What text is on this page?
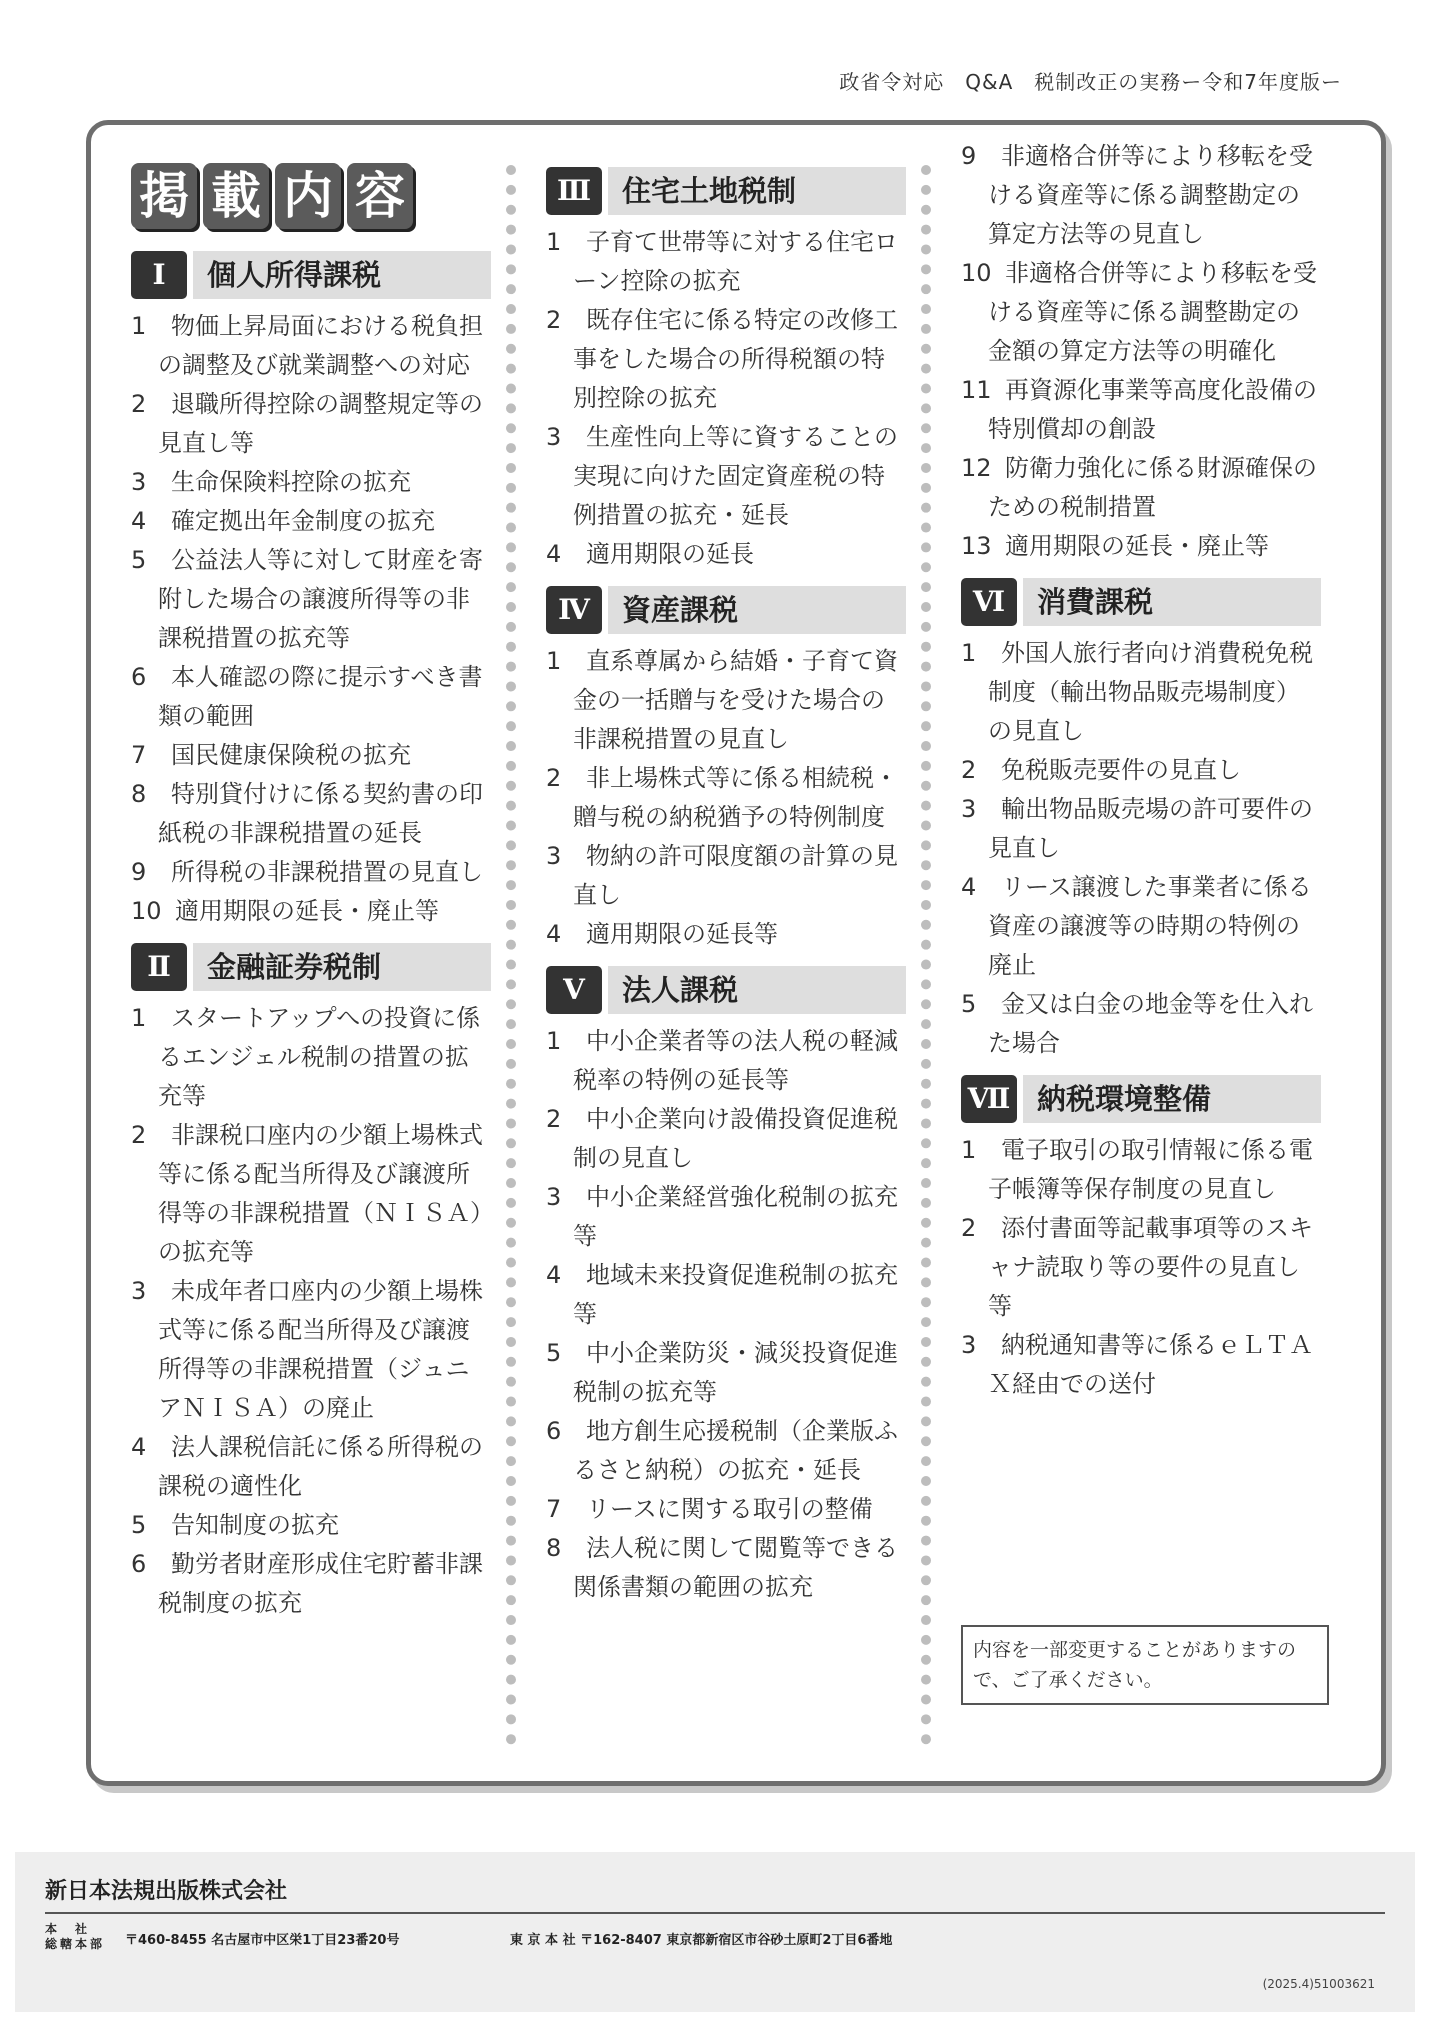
政省令対応　Q&A　税制改正の実務ー令和7年度版ー
掲 載 内 容
Ⅰ	個人所得課税
1 物価上昇局面における税負担の調整及び就業調整への対応
2 退職所得控除の調整規定等の見直し等
3 生命保険料控除の拡充
4 確定拠出年金制度の拡充
5 公益法人等に対して財産を寄附した場合の譲渡所得等の非課税措置の拡充等
6 本人確認の際に提示すべき書類の範囲
7 国民健康保険税の拡充
8 特別貸付けに係る契約書の印紙税の非課税措置の延長
9 所得税の非課税措置の見直し
10 適用期限の延長・廃止等
Ⅱ	金融証券税制
1 スタートアップへの投資に係るエンジェル税制の措置の拡充等
2 非課税口座内の少額上場株式等に係る配当所得及び譲渡所得等の非課税措置（ＮＩＳＡ）の拡充等
3 未成年者口座内の少額上場株式等に係る配当所得及び譲渡所得等の非課税措置（ジュニアＮＩＳＡ）の廃止
4 法人課税信託に係る所得税の課税の適性化
5 告知制度の拡充
6 勤労者財産形成住宅貯蓄非課税制度の拡充
Ⅲ	住宅土地税制
1 子育て世帯等に対する住宅ローン控除の拡充
2 既存住宅に係る特定の改修工事をした場合の所得税額の特別控除の拡充
3 生産性向上等に資することの実現に向けた固定資産税の特例措置の拡充・延長
4 適用期限の延長
Ⅳ	資産課税
1 直系尊属から結婚・子育て資金の一括贈与を受けた場合の非課税措置の見直し
2 非上場株式等に係る相続税・贈与税の納税猶予の特例制度
3 物納の許可限度額の計算の見直し
4 適用期限の延長等
Ⅴ	法人課税
1 中小企業者等の法人税の軽減税率の特例の延長等
2 中小企業向け設備投資促進税制の見直し
3 中小企業経営強化税制の拡充等
4 地域未来投資促進税制の拡充等
5 中小企業防災・減災投資促進税制の拡充等
6 地方創生応援税制（企業版ふるさと納税）の拡充・延長
7 リースに関する取引の整備
8 法人税に関して閲覧等できる関係書類の範囲の拡充
9 非適格合併等により移転を受ける資産等に係る調整勘定の算定方法等の見直し
10 非適格合併等により移転を受ける資産等に係る調整勘定の金額の算定方法等の明確化
11 再資源化事業等高度化設備の特別償却の創設
12 防衛力強化に係る財源確保のための税制措置
13 適用期限の延長・廃止等
Ⅵ	消費課税
1 外国人旅行者向け消費税免税制度（輸出物品販売場制度）の見直し
2 免税販売要件の見直し
3 輸出物品販売場の許可要件の見直し
4 リース譲渡した事業者に係る資産の譲渡等の時期の特例の廃止
5 金又は白金の地金等を仕入れた場合
Ⅶ 納税環境整備
1 電子取引の取引情報に係る電子帳簿等保存制度の見直し
2 添付書面等記載事項等のスキャナ読取り等の要件の見直し等
3 納税通知書等に係るｅＬＴＡＸ経由での送付
内容を一部変更することがありますので、ご了承ください。
新日本法規出版株式会社
本　社
総轄本部 〒460-8455 名古屋市中区栄1丁目23番20号	東 京 本 社 〒162-8407 東京都新宿区市谷砂土原町2丁目6番地
(2025.4)51003621
